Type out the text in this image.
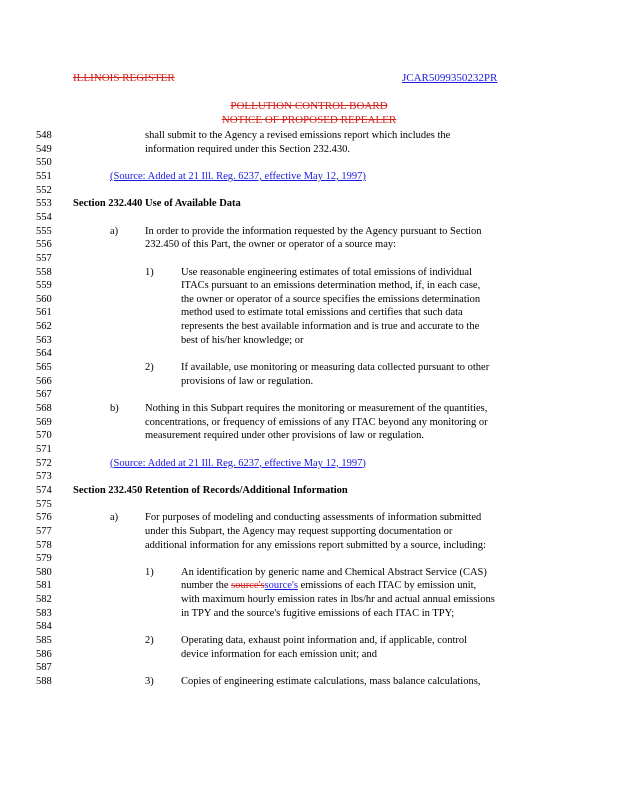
ILLINOIS REGISTER	JCAR5099350232PR
POLLUTION CONTROL BOARD
NOTICE OF PROPOSED REPEALER
548	shall submit to the Agency a revised emissions report which includes the
549	information required under this Section 232.430.
550
551	(Source: Added at 21 Ill. Reg. 6237, effective May 12, 1997)
552
553	Section 232.440 Use of Available Data
554
555	a)	In order to provide the information requested by the Agency pursuant to Section
556	232.450 of this Part, the owner or operator of a source may:
557
558	1)	Use reasonable engineering estimates of total emissions of individual
559	ITACs pursuant to an emissions determination method, if, in each case,
560	the owner or operator of a source specifies the emissions determination
561	method used to estimate total emissions and certifies that such data
562	represents the best available information and is true and accurate to the
563	best of his/her knowledge; or
564
565	2)	If available, use monitoring or measuring data collected pursuant to other
566	provisions of law or regulation.
567
568	b)	Nothing in this Subpart requires the monitoring or measurement of the quantities,
569	concentrations, or frequency of emissions of any ITAC beyond any monitoring or
570	measurement required under other provisions of law or regulation.
571
572	(Source: Added at 21 Ill. Reg. 6237, effective May 12, 1997)
573
574	Section 232.450 Retention of Records/Additional Information
575
576	a)	For purposes of modeling and conducting assessments of information submitted
577	under this Subpart, the Agency may request supporting documentation or
578	additional information for any emissions report submitted by a source, including:
579
580	1)	An identification by generic name and Chemical Abstract Service (CAS)
581	number the source'ssource's emissions of each ITAC by emission unit,
582	with maximum hourly emission rates in lbs/hr and actual annual emissions
583	in TPY and the source's fugitive emissions of each ITAC in TPY;
584
585	2)	Operating data, exhaust point information and, if applicable, control
586	device information for each emission unit; and
587
588	3)	Copies of engineering estimate calculations, mass balance calculations,
